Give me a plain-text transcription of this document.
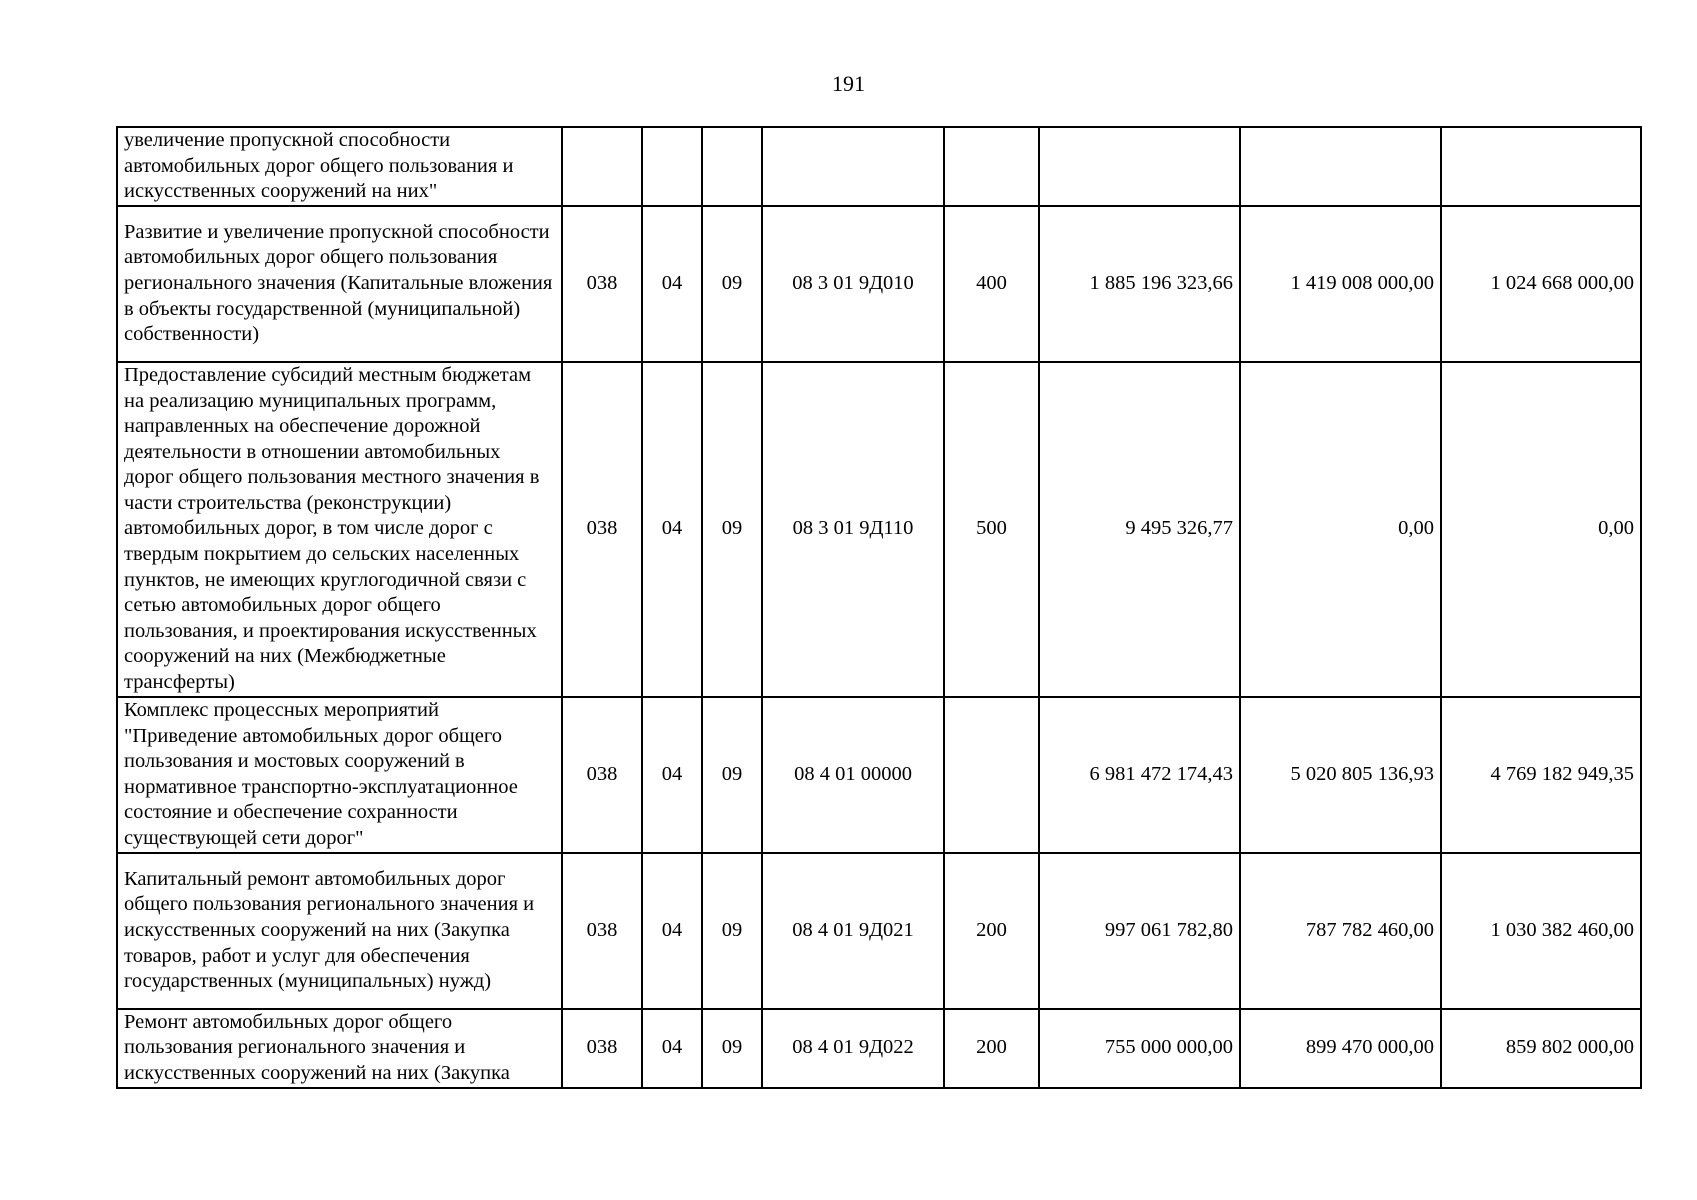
191
увеличение пропускной способности автомобильных дорог общего пользования и искусственных сооружений на них"								
Развитие и увеличение пропускной способности автомобильных дорог общего пользования регионального значения (Капитальные вложения в объекты государственной (муниципальной) собственности)	038	04	09	08 3 01 9Д010	400	1 885 196 323,66	1 419 008 000,00	1 024 668 000,00
Предоставление субсидий местным бюджетам на реализацию муниципальных программ, направленных на обеспечение дорожной деятельности в отношении автомобильных дорог общего пользования местного значения в части строительства (реконструкции) автомобильных дорог, в том числе дорог с твердым покрытием до сельских населенных пунктов, не имеющих круглогодичной связи с сетью автомобильных дорог общего пользования, и проектирования искусственных сооружений на них (Межбюджетные трансферты)	038	04	09	08 3 01 9Д110	500	9 495 326,77	0,00	0,00
Комплекс процессных мероприятий "Приведение автомобильных дорог общего пользования и мостовых сооружений в нормативное транспортно-эксплуатационное состояние и обеспечение сохранности существующей сети дорог"	038	04	09	08 4 01 00000		6 981 472 174,43	5 020 805 136,93	4 769 182 949,35
Капитальный ремонт автомобильных дорог общего пользования регионального значения и искусственных сооружений на них (Закупка товаров, работ и услуг для обеспечения государственных (муниципальных) нужд)	038	04	09	08 4 01 9Д021	200	997 061 782,80	787 782 460,00	1 030 382 460,00
Ремонт автомобильных дорог общего пользования регионального значения и искусственных сооружений на них (Закупка	038	04	09	08 4 01 9Д022	200	755 000 000,00	899 470 000,00	859 802 000,00
